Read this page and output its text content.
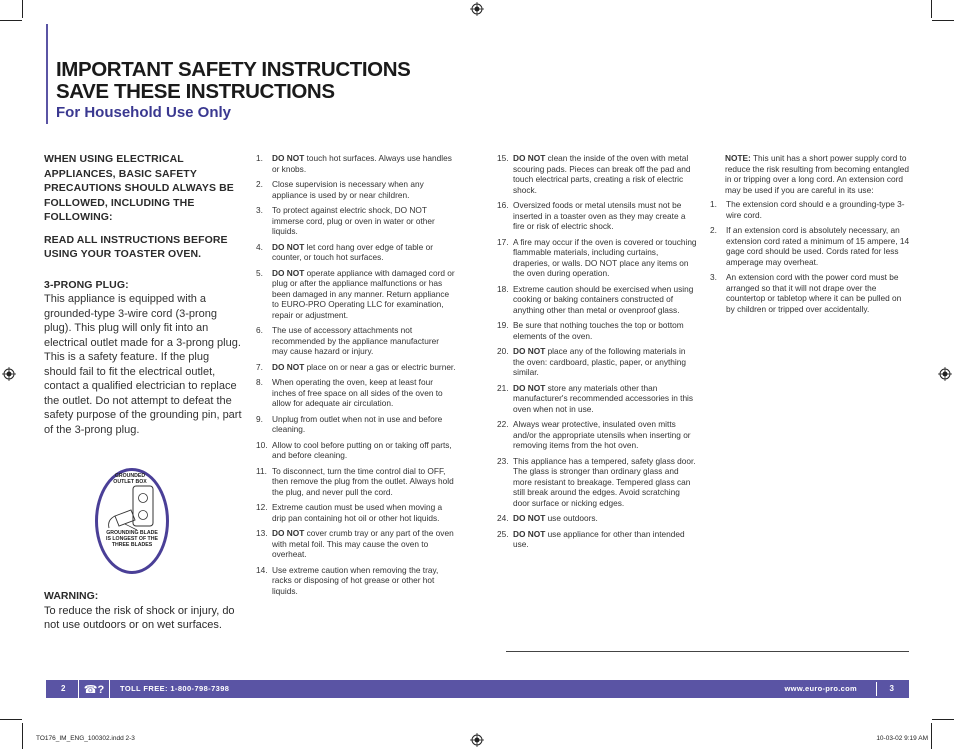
IMPORTANT SAFETY INSTRUCTIONS
SAVE THESE INSTRUCTIONS
For Household Use Only

WHEN USING ELECTRICAL APPLIANCES, BASIC SAFETY PRECAUTIONS SHOULD ALWAYS BE FOLLOWED, INCLUDING THE FOLLOWING:

READ ALL INSTRUCTIONS BEFORE USING YOUR TOASTER OVEN.

3-PRONG PLUG:

This appliance is equipped with a grounded-type 3-wire cord (3-prong plug). This plug will only fit into an electrical outlet made for a 3-prong plug. This is a safety feature. If the plug should fail to fit the electrical outlet, contact a qualified electrician to replace the outlet. Do not attempt to defeat the safety purpose of the grounding pin, part of the 3-prong plug.

GROUNDED
OUTLET BOX
GROUNDING BLADE
IS LONGEST OF THE
THREE BLADES
WARNING:
To reduce the risk of shock or injury, do not use outdoors or on wet surfaces.
1.	DO NOT touch hot surfaces. Always use handles or knobs.
2.	Close supervision is necessary when any appliance is used by or near children.
3.	To protect against electric shock, DO NOT immerse cord, plug or oven in water or other liquids.
4.	DO NOT let cord hang over edge of table or counter, or touch hot surfaces.
5.	DO NOT operate appliance with damaged cord or plug or after the appliance malfunctions or has been damaged in any manner. Return appliance to EURO-PRO Operating LLC for examination, repair or adjustment.
6.	The use of accessory attachments not recommended by the appliance manufacturer may cause hazard or injury.
7.	DO NOT place on or near a gas or electric burner.
8.	When operating the oven, keep at least four inches of free space on all sides of the oven to allow for adequate air circulation.
9.	Unplug from outlet when not in use and before cleaning.
10. Allow to cool before putting on or taking off parts, and before cleaning.
11. To disconnect, turn the time control dial to OFF, then remove the plug from the outlet. Always hold the plug, and never pull the cord.
12. Extreme caution must be used when moving a drip pan containing hot oil or other hot liquids.
13. DO NOT cover crumb tray or any part of the oven with metal foil. This may cause the oven to overheat.
14. Use extreme caution when removing the tray, racks or disposing of hot grease or other hot liquids.
15. DO NOT clean the inside of the oven with metal scouring pads. Pieces can break off the pad and touch electrical parts, creating a risk of electric shock.
16. Oversized foods or metal utensils must not be inserted in a toaster oven as they may create a fire or risk of electric shock.
17. A fire may occur if the oven is covered or touching flammable materials, including curtains, draperies, or walls. DO NOT place any items on the oven during operation.
18. Extreme caution should be exercised when using cooking or baking containers constructed of anything other than metal or ovenproof glass.
19. Be sure that nothing touches the top or bottom elements of the oven.
20. DO NOT place any of the following materials in the oven: cardboard, plastic, paper, or anything similar.
21. DO NOT store any materials other than manufacturer's recommended accessories in this oven when not in use.
22. Always wear protective, insulated oven mitts and/or the appropriate utensils when inserting or removing items from the hot oven.
23. This appliance has a tempered, safety glass door. The glass is stronger than ordinary glass and more resistant to breakage. Tempered glass can still break around the edges. Avoid scratching door surface or nicking edges.
24. DO NOT use outdoors.
25. DO NOT use appliance for other than intended use.

NOTE: This unit has a short power supply cord to reduce the risk resulting from becoming entangled in or tripping over a long cord. An extension cord may be used if you are careful in its use:

1.	The extension cord should e a grounding-type 3-wire cord.
2.	If an extension cord is absolutely necessary, an extension cord rated a minimum of 15 ampere, 14 gage cord should be used. Cords rated for less amperage may overheat.
3.	An extension cord with the power cord must be arranged so that it will not drape over the countertop or tabletop where it can be pulled on by children or tripped over accidentally.
2	☎?	TOLL FREE: 1-800-798-7398	www.euro-pro.com	3
TO176_IM_ENG_100302.indd 2-3	10-03-02 9:19 AM
